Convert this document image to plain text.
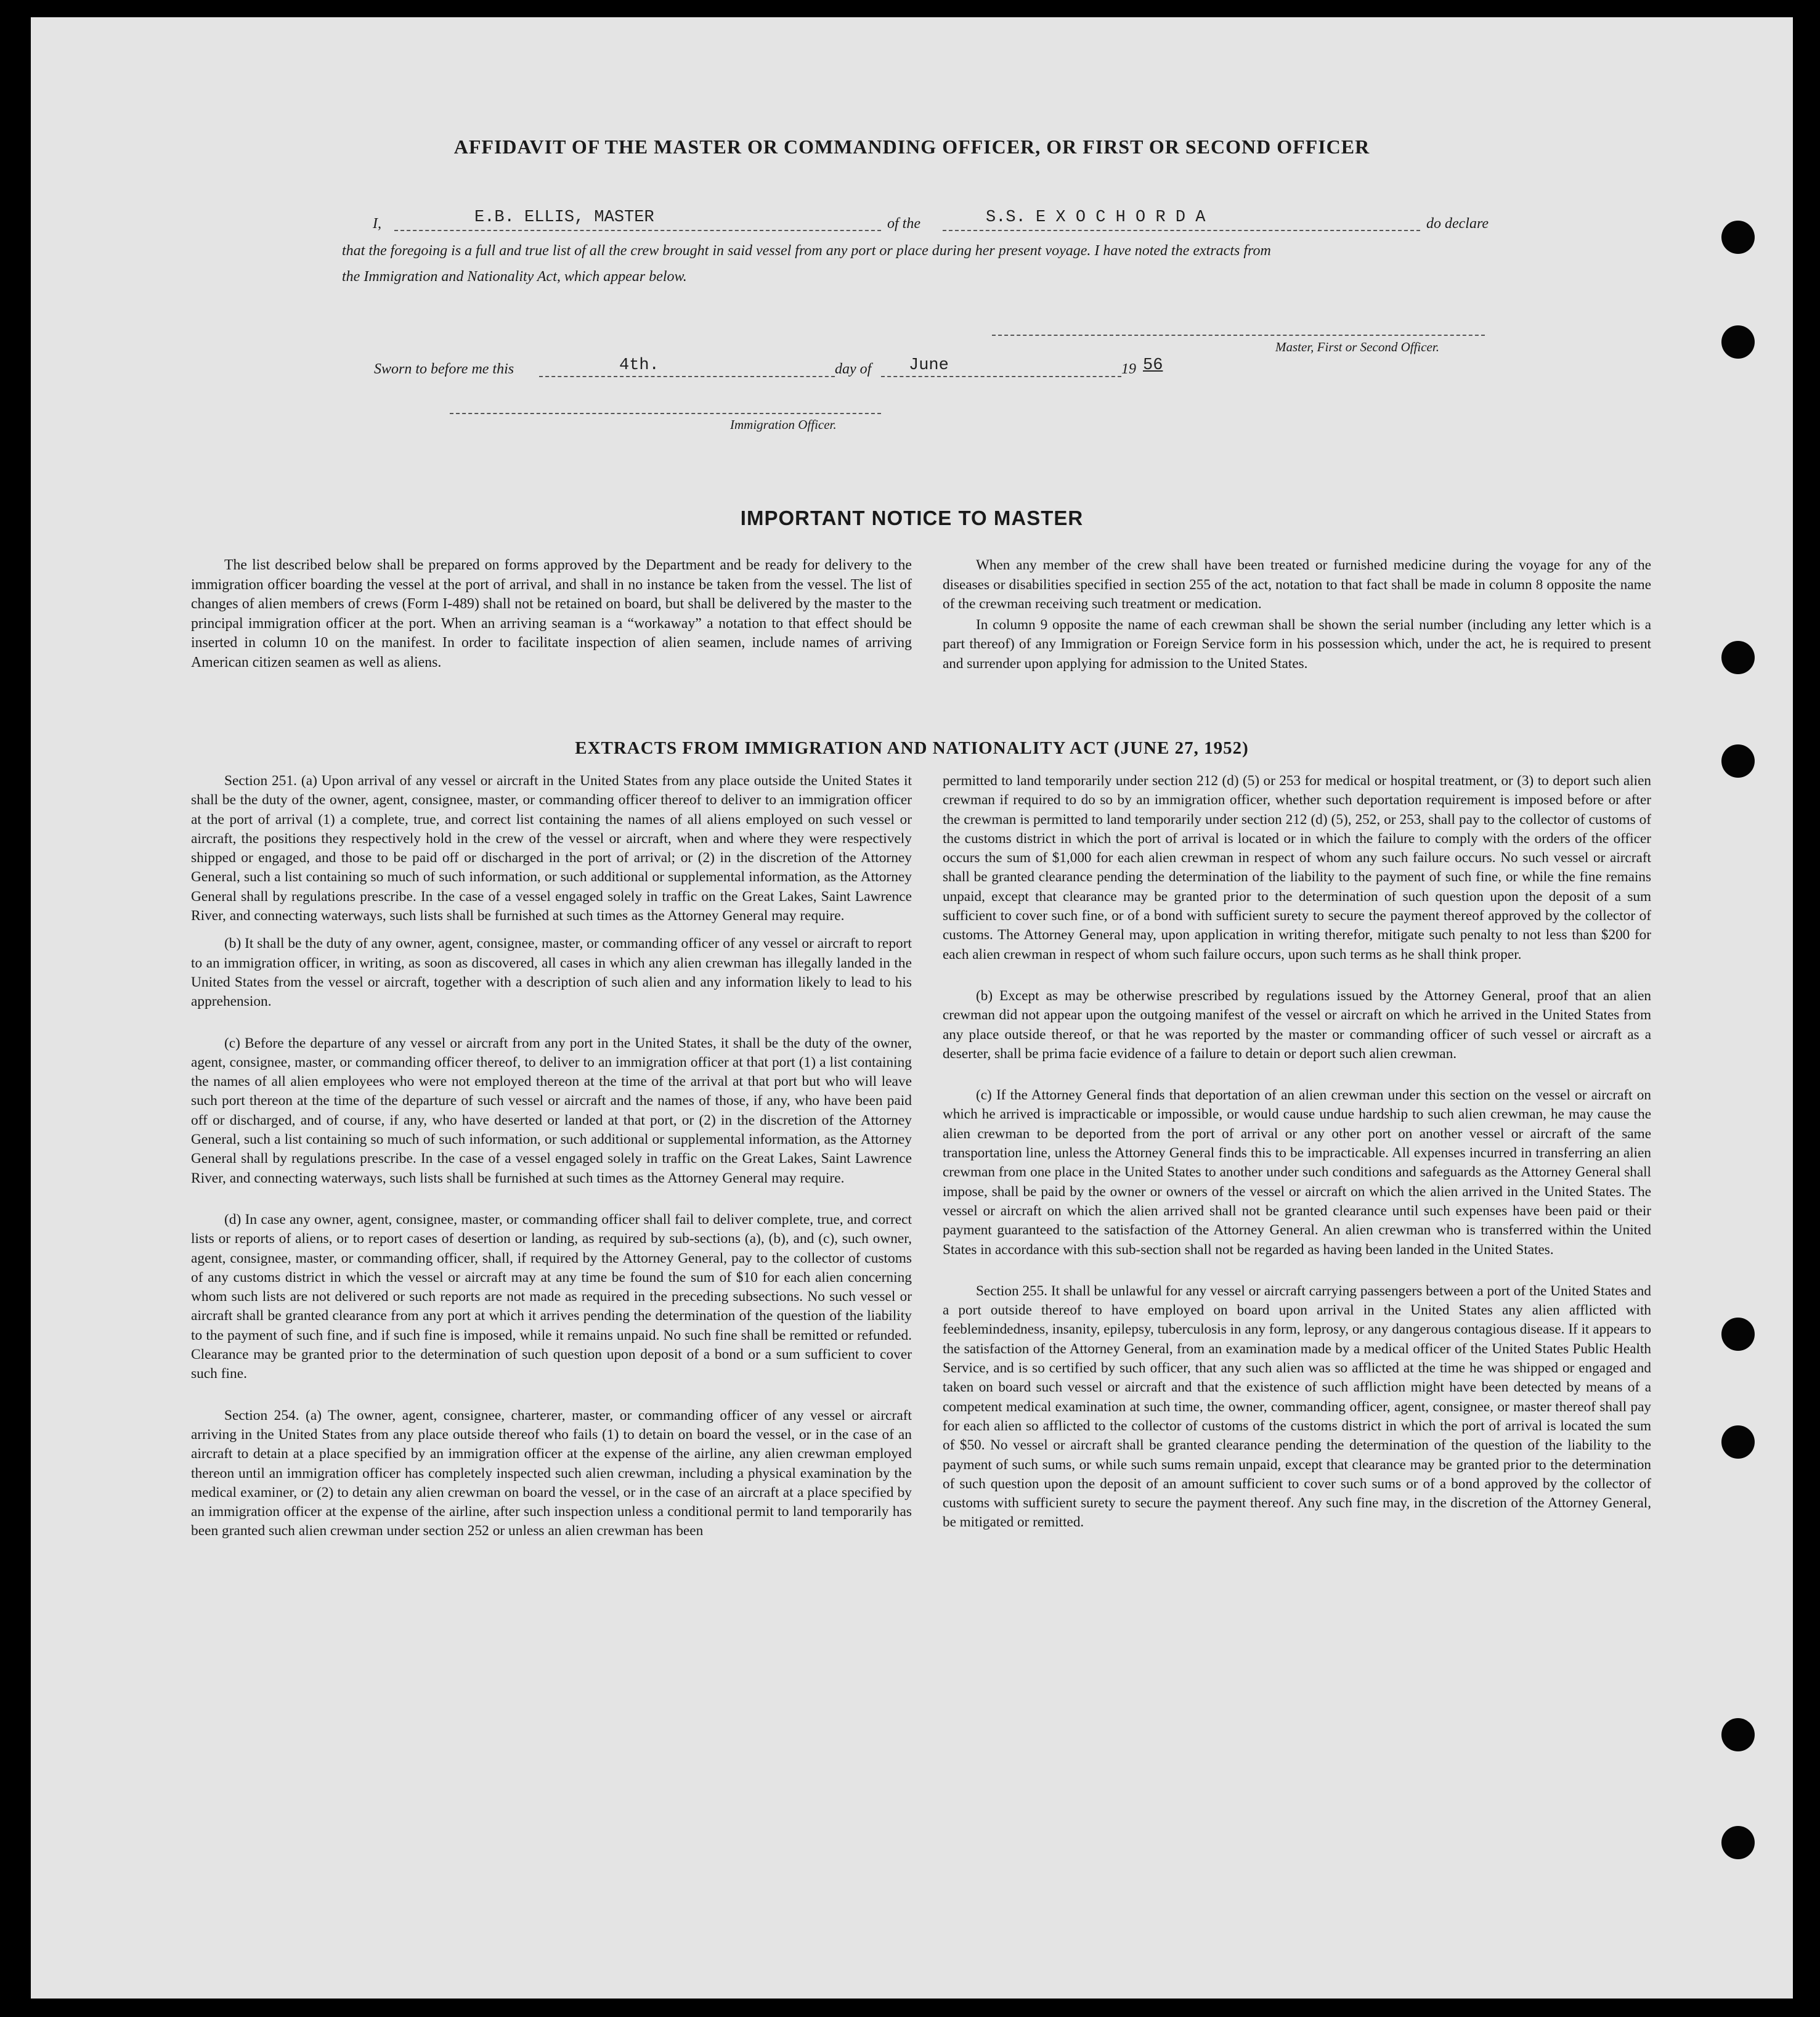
AFFIDAVIT OF THE MASTER OR COMMANDING OFFICER, OR FIRST OR SECOND OFFICER
I,	E.B. ELLIS, MASTER	of the	S.S. E X O C H O R D A	do declare
that the foregoing is a full and true list of all the crew brought in said vessel from any port or place during her present voyage. I have noted the extracts from
the Immigration and Nationality Act, which appear below.
Master, First or Second Officer.
Sworn to before me this	4th.	day of June	19 56
Immigration Officer.
IMPORTANT NOTICE TO MASTER

The list described below shall be prepared on forms approved by the Department and be ready for delivery to the immigration officer boarding the vessel at the port of arrival, and shall in no instance be taken from the vessel. The list of changes of alien members of crews (Form I-489) shall not be retained on board, but shall be delivered by the master to the principal immigration officer at the port. When an arriving seaman is a “workaway” a notation to that effect should be inserted in column 10 on the manifest. In order to facilitate inspection of alien seamen, include names of arriving American citizen seamen as well as aliens.

When any member of the crew shall have been treated or furnished medicine during the voyage for any of the diseases or disabilities specified in section 255 of the act, notation to that fact shall be made in column 8 opposite the name of the crewman receiving such treatment or medication.

In column 9 opposite the name of each crewman shall be shown the serial number (including any letter which is a part thereof) of any Immigration or Foreign Service form in his possession which, under the act, he is required to present and surrender upon applying for admission to the United States.

EXTRACTS FROM IMMIGRATION AND NATIONALITY ACT (JUNE 27, 1952)

Section 251. (a) Upon arrival of any vessel or aircraft in the United States from any place outside the United States it shall be the duty of the owner, agent, consignee, master, or commanding officer thereof to deliver to an immigration officer at the port of arrival (1) a complete, true, and correct list containing the names of all aliens employed on such vessel or aircraft, the positions they respectively hold in the crew of the vessel or aircraft, when and where they were respectively shipped or engaged, and those to be paid off or discharged in the port of arrival; or (2) in the discretion of the Attorney General, such a list containing so much of such information, or such additional or supplemental information, as the Attorney General shall by regulations prescribe. In the case of a vessel engaged solely in traffic on the Great Lakes, Saint Lawrence River, and connecting waterways, such lists shall be furnished at such times as the Attorney General may require.

(b) It shall be the duty of any owner, agent, consignee, master, or commanding officer of any vessel or aircraft to report to an immigration officer, in writing, as soon as discovered, all cases in which any alien crewman has illegally landed in the United States from the vessel or aircraft, together with a description of such alien and any information likely to lead to his apprehension.

(c) Before the departure of any vessel or aircraft from any port in the United States, it shall be the duty of the owner, agent, consignee, master, or commanding officer thereof, to deliver to an immigration officer at that port (1) a list containing the names of all alien employees who were not employed thereon at the time of the arrival at that port but who will leave such port thereon at the time of the departure of such vessel or aircraft and the names of those, if any, who have been paid off or discharged, and of course, if any, who have deserted or landed at that port, or (2) in the discretion of the Attorney General, such a list containing so much of such information, or such additional or supplemental information, as the Attorney General shall by regulations prescribe. In the case of a vessel engaged solely in traffic on the Great Lakes, Saint Lawrence River, and connecting waterways, such lists shall be furnished at such times as the Attorney General may require.

(d) In case any owner, agent, consignee, master, or commanding officer shall fail to deliver complete, true, and correct lists or reports of aliens, or to report cases of desertion or landing, as required by sub-sections (a), (b), and (c), such owner, agent, consignee, master, or commanding officer, shall, if required by the Attorney General, pay to the collector of customs of any customs district in which the vessel or aircraft may at any time be found the sum of $10 for each alien concerning whom such lists are not delivered or such reports are not made as required in the preceding subsections. No such vessel or aircraft shall be granted clearance from any port at which it arrives pending the determination of the question of the liability to the payment of such fine, and if such fine is imposed, while it remains unpaid. No such fine shall be remitted or refunded. Clearance may be granted prior to the determination of such question upon deposit of a bond or a sum sufficient to cover such fine.

Section 254. (a) The owner, agent, consignee, charterer, master, or commanding officer of any vessel or aircraft arriving in the United States from any place outside thereof who fails (1) to detain on board the vessel, or in the case of an aircraft to detain at a place specified by an immigration officer at the expense of the airline, any alien crewman employed thereon until an immigration officer has completely inspected such alien crewman, including a physical examination by the medical examiner, or (2) to detain any alien crewman on board the vessel, or in the case of an aircraft at a place specified by an immigration officer at the expense of the airline, after such inspection unless a conditional permit to land temporarily has been granted such alien crewman under section 252 or unless an alien crewman has been

permitted to land temporarily under section 212 (d) (5) or 253 for medical or hospital treatment, or (3) to deport such alien crewman if required to do so by an immigration officer, whether such deportation requirement is imposed before or after the crewman is permitted to land temporarily under section 212 (d) (5), 252, or 253, shall pay to the collector of customs of the customs district in which the port of arrival is located or in which the failure to comply with the orders of the officer occurs the sum of $1,000 for each alien crewman in respect of whom any such failure occurs. No such vessel or aircraft shall be granted clearance pending the determination of the liability to the payment of such fine, or while the fine remains unpaid, except that clearance may be granted prior to the determination of such question upon the deposit of a sum sufficient to cover such fine, or of a bond with sufficient surety to secure the payment thereof approved by the collector of customs. The Attorney General may, upon application in writing therefor, mitigate such penalty to not less than $200 for each alien crewman in respect of whom such failure occurs, upon such terms as he shall think proper.

(b) Except as may be otherwise prescribed by regulations issued by the Attorney General, proof that an alien crewman did not appear upon the outgoing manifest of the vessel or aircraft on which he arrived in the United States from any place outside thereof, or that he was reported by the master or commanding officer of such vessel or aircraft as a deserter, shall be prima facie evidence of a failure to detain or deport such alien crewman.

(c) If the Attorney General finds that deportation of an alien crewman under this section on the vessel or aircraft on which he arrived is impracticable or impossible, or would cause undue hardship to such alien crewman, he may cause the alien crewman to be deported from the port of arrival or any other port on another vessel or aircraft of the same transportation line, unless the Attorney General finds this to be impracticable. All expenses incurred in transferring an alien crewman from one place in the United States to another under such conditions and safeguards as the Attorney General shall impose, shall be paid by the owner or owners of the vessel or aircraft on which the alien arrived in the United States. The vessel or aircraft on which the alien arrived shall not be granted clearance until such expenses have been paid or their payment guaranteed to the satisfaction of the Attorney General. An alien crewman who is transferred within the United States in accordance with this sub-section shall not be regarded as having been landed in the United States.

Section 255. It shall be unlawful for any vessel or aircraft carrying passengers between a port of the United States and a port outside thereof to have employed on board upon arrival in the United States any alien afflicted with feeblemindedness, insanity, epilepsy, tuberculosis in any form, leprosy, or any dangerous contagious disease. If it appears to the satisfaction of the Attorney General, from an examination made by a medical officer of the United States Public Health Service, and is so certified by such officer, that any such alien was so afflicted at the time he was shipped or engaged and taken on board such vessel or aircraft and that the existence of such affliction might have been detected by means of a competent medical examination at such time, the owner, commanding officer, agent, consignee, or master thereof shall pay for each alien so afflicted to the collector of customs of the customs district in which the port of arrival is located the sum of $50. No vessel or aircraft shall be granted clearance pending the determination of the question of the liability to the payment of such sums, or while such sums remain unpaid, except that clearance may be granted prior to the determination of such question upon the deposit of an amount sufficient to cover such sums or of a bond approved by the collector of customs with sufficient surety to secure the payment thereof. Any such fine may, in the discretion of the Attorney General, be mitigated or remitted.
